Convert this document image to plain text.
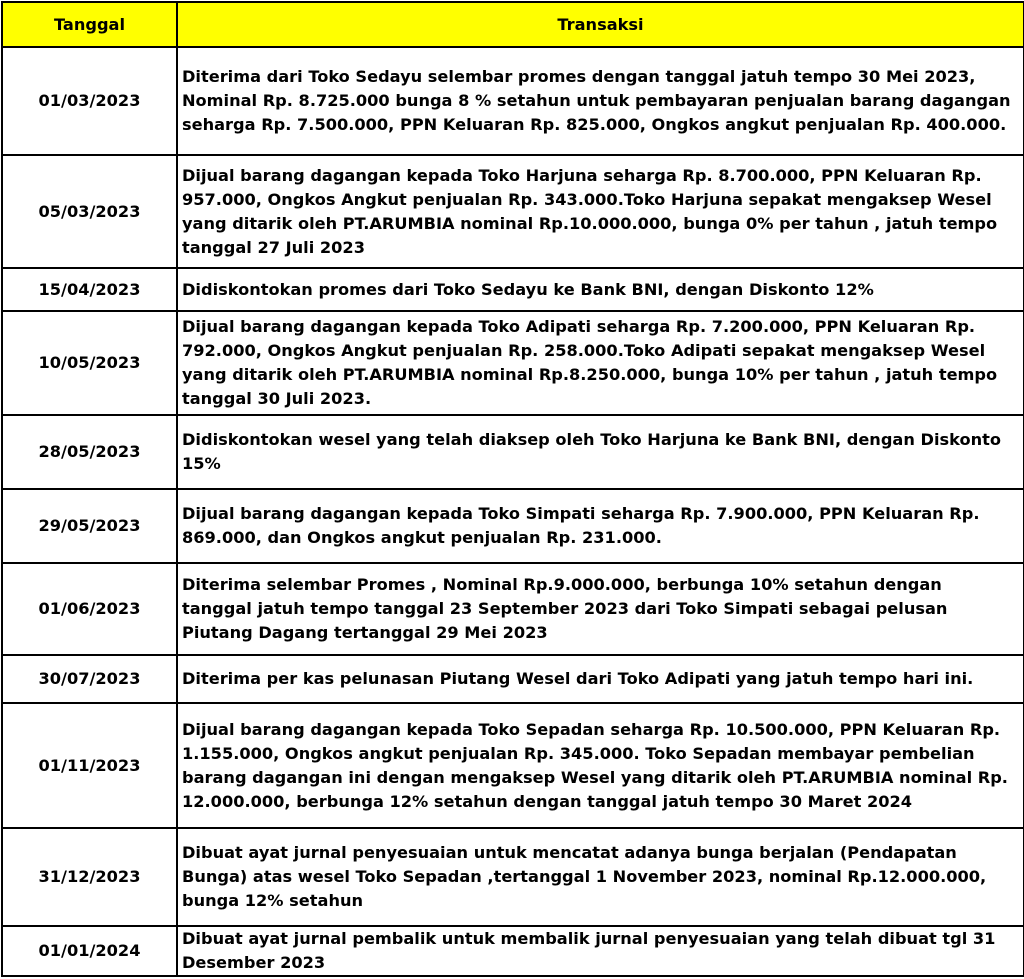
Tanggal	Transaksi
01/03/2023	Diterima dari Toko Sedayu selembar promes dengan tanggal jatuh tempo 30 Mei 2023, Nominal Rp. 8.725.000 bunga 8 % setahun untuk pembayaran penjualan barang dagangan seharga Rp. 7.500.000, PPN Keluaran Rp. 825.000, Ongkos angkut penjualan Rp. 400.000.
05/03/2023	Dijual barang dagangan kepada Toko Harjuna seharga Rp. 8.700.000, PPN Keluaran Rp. 957.000, Ongkos Angkut penjualan Rp. 343.000.Toko Harjuna sepakat mengaksep Wesel yang ditarik oleh PT.ARUMBIA nominal Rp.10.000.000, bunga 0% per tahun , jatuh tempo tanggal 27 Juli 2023
15/04/2023	Didiskontokan promes dari Toko Sedayu ke Bank BNI, dengan Diskonto 12%
10/05/2023	Dijual barang dagangan kepada Toko Adipati seharga Rp. 7.200.000, PPN Keluaran Rp. 792.000, Ongkos Angkut penjualan Rp. 258.000.Toko Adipati sepakat mengaksep Wesel yang ditarik oleh PT.ARUMBIA nominal Rp.8.250.000, bunga 10% per tahun , jatuh tempo tanggal 30 Juli 2023.
28/05/2023	Didiskontokan wesel yang telah diaksep oleh Toko Harjuna ke Bank BNI, dengan Diskonto 15%
29/05/2023	Dijual barang dagangan kepada Toko Simpati seharga Rp. 7.900.000, PPN Keluaran Rp. 869.000, dan Ongkos angkut penjualan Rp. 231.000.
01/06/2023	Diterima selembar Promes , Nominal Rp.9.000.000, berbunga 10% setahun dengan tanggal jatuh tempo tanggal 23 September 2023 dari Toko Simpati sebagai pelusan Piutang Dagang tertanggal 29 Mei 2023
30/07/2023	Diterima per kas pelunasan Piutang Wesel dari Toko Adipati yang jatuh tempo hari ini.
01/11/2023	Dijual barang dagangan kepada Toko Sepadan seharga Rp. 10.500.000, PPN Keluaran Rp. 1.155.000, Ongkos angkut penjualan Rp. 345.000. Toko Sepadan membayar pembelian barang dagangan ini dengan mengaksep Wesel yang ditarik oleh PT.ARUMBIA nominal Rp. 12.000.000, berbunga 12% setahun dengan tanggal jatuh tempo 30 Maret 2024
31/12/2023	Dibuat ayat jurnal penyesuaian untuk mencatat adanya bunga berjalan (Pendapatan Bunga) atas wesel Toko Sepadan ,tertanggal 1 November 2023, nominal Rp.12.000.000, bunga 12% setahun
01/01/2024	Dibuat ayat jurnal pembalik untuk membalik jurnal penyesuaian yang telah dibuat tgl 31 Desember 2023
